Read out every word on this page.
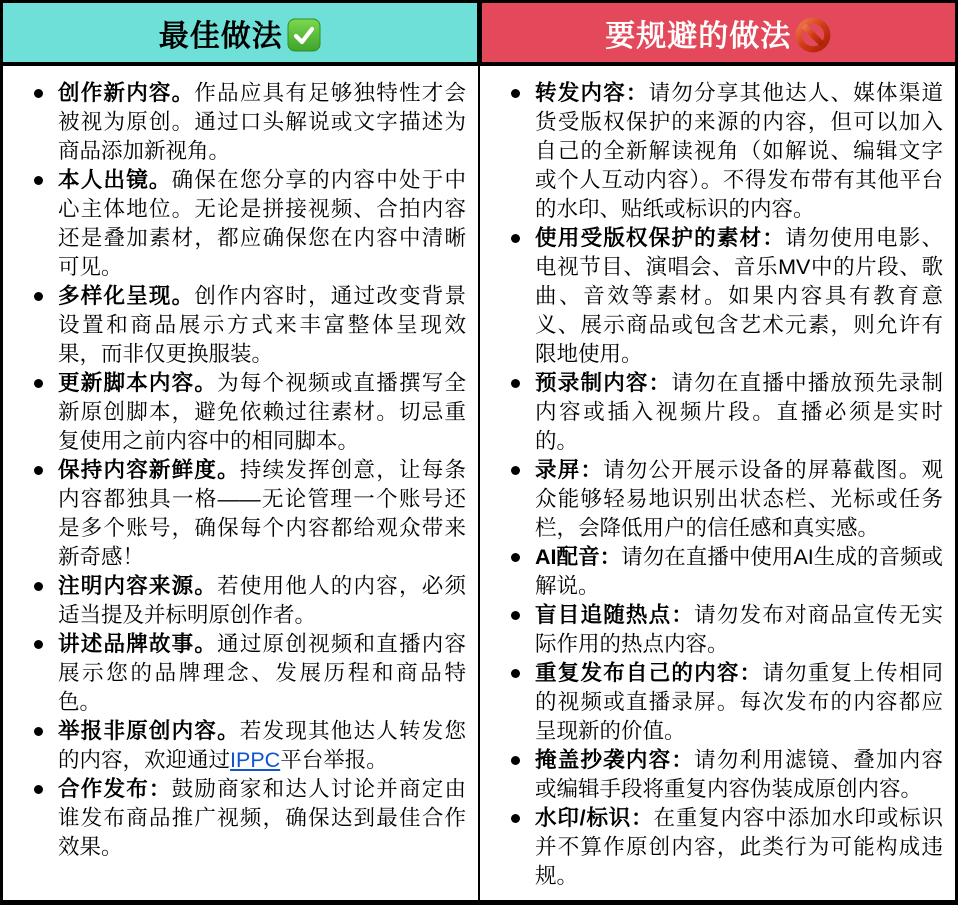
最佳做法	要规避的做法
创作新内容。作品应具有足够独特性才会被视为原创。通过口头解说或文字描述为商品添加新视角。
本人出镜。确保在您分享的内容中处于中心主体地位。无论是拼接视频、合拍内容还是叠加素材，都应确保您在内容中清晰可见。
多样化呈现。创作内容时，通过改变背景设置和商品展示方式来丰富整体呈现效果，而非仅更换服装。
更新脚本内容。为每个视频或直播撰写全新原创脚本，避免依赖过往素材。切忌重复使用之前内容中的相同脚本。
保持内容新鲜度。持续发挥创意，让每条内容都独具一格——无论管理一个账号还是多个账号，确保每个内容都给观众带来新奇感！
注明内容来源。若使用他人的内容，必须适当提及并标明原创作者。
讲述品牌故事。通过原创视频和直播内容展示您的品牌理念、发展历程和商品特色。
举报非原创内容。若发现其他达人转发您的内容，欢迎通过IPPC平台举报。
合作发布：鼓励商家和达人讨论并商定由谁发布商品推广视频，确保达到最佳合作效果。
转发内容：请勿分享其他达人、媒体渠道货受版权保护的来源的内容，但可以加入自己的全新解读视角（如解说、编辑文字或个人互动内容）。不得发布带有其他平台的水印、贴纸或标识的内容。
使用受版权保护的素材：请勿使用电影、电视节目、演唱会、音乐MV中的片段、歌曲、音效等素材。如果内容具有教育意义、展示商品或包含艺术元素，则允许有限地使用。
预录制内容：请勿在直播中播放预先录制内容或插入视频片段。直播必须是实时的。
录屏：请勿公开展示设备的屏幕截图。观众能够轻易地识别出状态栏、光标或任务栏，会降低用户的信任感和真实感。
AI配音：请勿在直播中使用AI生成的音频或解说。
盲目追随热点：请勿发布对商品宣传无实际作用的热点内容。
重复发布自己的内容：请勿重复上传相同的视频或直播录屏。每次发布的内容都应呈现新的价值。
掩盖抄袭内容：请勿利用滤镜、叠加内容或编辑手段将重复内容伪装成原创内容。
水印/标识：在重复内容中添加水印或标识并不算作原创内容，此类行为可能构成违规。
